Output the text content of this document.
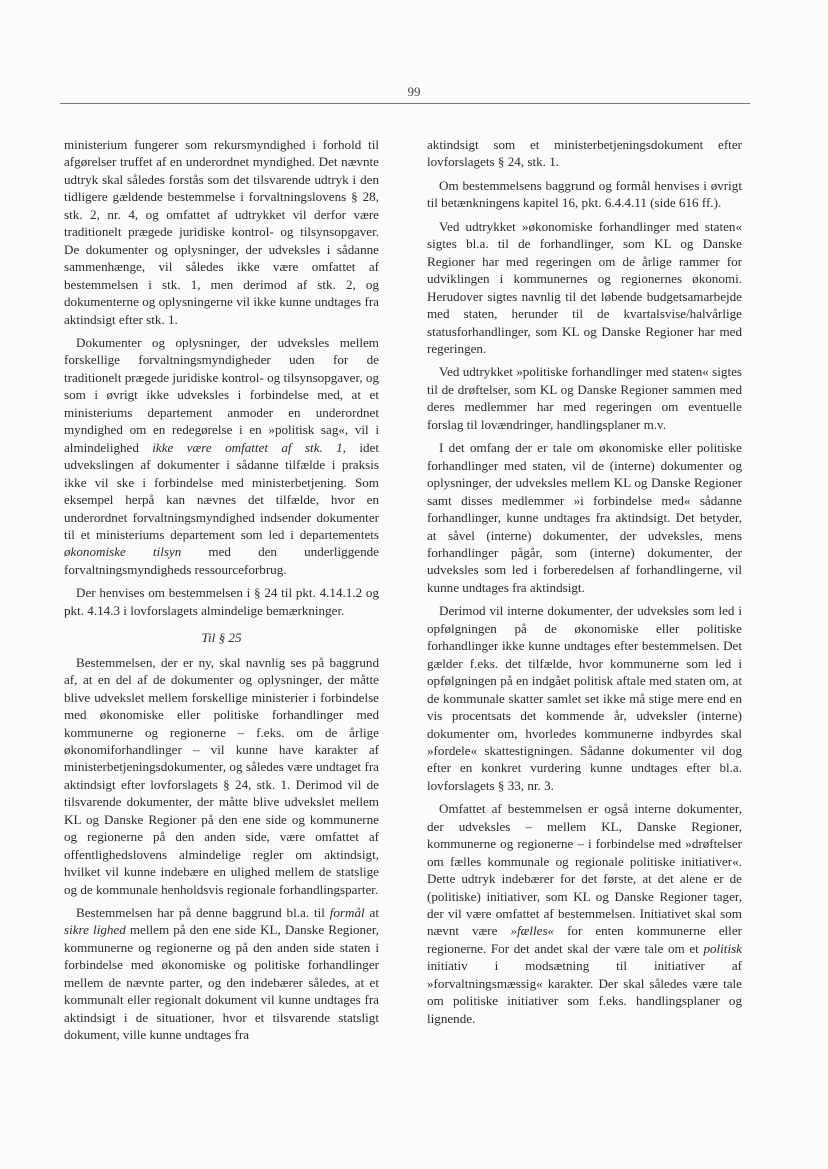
99

ministerium fungerer som rekursmyndighed i forhold til afgørelser truffet af en underordnet myndighed. Det nævnte udtryk skal således forstås som det tilsvarende udtryk i den tidligere gældende bestemmelse i forvaltningslovens § 28, stk. 2, nr. 4, og omfattet af udtrykket vil derfor være traditionelt prægede juridiske kontrol- og tilsynsopgaver. De dokumenter og oplysninger, der udveksles i sådanne sammenhænge, vil således ikke være omfattet af bestemmelsen i stk. 1, men derimod af stk. 2, og dokumenterne og oplysningerne vil ikke kunne undtages fra aktindsigt efter stk. 1.

Dokumenter og oplysninger, der udveksles mellem forskellige forvaltningsmyndigheder uden for de traditionelt prægede juridiske kontrol- og tilsynsopgaver, og som i øvrigt ikke udveksles i forbindelse med, at et ministeriums departement anmoder en underordnet myndighed om en redegørelse i en »politisk sag«, vil i almindelighed ikke være omfattet af stk. 1, idet udvekslingen af dokumenter i sådanne tilfælde i praksis ikke vil ske i forbindelse med ministerbetjening. Som eksempel herpå kan nævnes det tilfælde, hvor en underordnet forvaltningsmyndighed indsender dokumenter til et ministeriums departement som led i departementets økonomiske tilsyn med den underliggende forvaltningsmyndigheds ressourceforbrug.

Der henvises om bestemmelsen i § 24 til pkt. 4.14.1.2 og pkt. 4.14.3 i lovforslagets almindelige bemærkninger.

Til § 25

Bestemmelsen, der er ny, skal navnlig ses på baggrund af, at en del af de dokumenter og oplysninger, der måtte blive udvekslet mellem forskellige ministerier i forbindelse med økonomiske eller politiske forhandlinger med kommunerne og regionerne – f.eks. om de årlige økonomiforhandlinger – vil kunne have karakter af ministerbetjeningsdokumenter, og således være undtaget fra aktindsigt efter lovforslagets § 24, stk. 1. Derimod vil de tilsvarende dokumenter, der måtte blive udvekslet mellem KL og Danske Regioner på den ene side og kommunerne og regionerne på den anden side, være omfattet af offentlighedslovens almindelige regler om aktindsigt, hvilket vil kunne indebære en ulighed mellem de statslige og de kommunale henholdsvis regionale forhandlingsparter.

Bestemmelsen har på denne baggrund bl.a. til formål at sikre lighed mellem på den ene side KL, Danske Regioner, kommunerne og regionerne og på den anden side staten i forbindelse med økonomiske og politiske forhandlinger mellem de nævnte parter, og den indebærer således, at et kommunalt eller regionalt dokument vil kunne undtages fra aktindsigt i de situationer, hvor et tilsvarende statsligt dokument, ville kunne undtages fra

aktindsigt som et ministerbetjeningsdokument efter lovforslagets § 24, stk. 1.

Om bestemmelsens baggrund og formål henvises i øvrigt til betænkningens kapitel 16, pkt. 6.4.4.11 (side 616 ff.).

Ved udtrykket »økonomiske forhandlinger med staten« sigtes bl.a. til de forhandlinger, som KL og Danske Regioner har med regeringen om de årlige rammer for udviklingen i kommunernes og regionernes økonomi. Herudover sigtes navnlig til det løbende budgetsamarbejde med staten, herunder til de kvartalsvise/halvårlige statusforhandlinger, som KL og Danske Regioner har med regeringen.

Ved udtrykket »politiske forhandlinger med staten« sigtes til de drøftelser, som KL og Danske Regioner sammen med deres medlemmer har med regeringen om eventuelle forslag til lovændringer, handlingsplaner m.v.

I det omfang der er tale om økonomiske eller politiske forhandlinger med staten, vil de (interne) dokumenter og oplysninger, der udveksles mellem KL og Danske Regioner samt disses medlemmer »i forbindelse med« sådanne forhandlinger, kunne undtages fra aktindsigt. Det betyder, at såvel (interne) dokumenter, der udveksles, mens forhandlinger pågår, som (interne) dokumenter, der udveksles som led i forberedelsen af forhandlingerne, vil kunne undtages fra aktindsigt.

Derimod vil interne dokumenter, der udveksles som led i opfølgningen på de økonomiske eller politiske forhandlinger ikke kunne undtages efter bestemmelsen. Det gælder f.eks. det tilfælde, hvor kommunerne som led i opfølgningen på en indgået politisk aftale med staten om, at de kommunale skatter samlet set ikke må stige mere end en vis procentsats det kommende år, udveksler (interne) dokumenter om, hvorledes kommunerne indbyrdes skal »fordele« skattestigningen. Sådanne dokumenter vil dog efter en konkret vurdering kunne undtages efter bl.a. lovforslagets § 33, nr. 3.

Omfattet af bestemmelsen er også interne dokumenter, der udveksles – mellem KL, Danske Regioner, kommunerne og regionerne – i forbindelse med »drøftelser om fælles kommunale og regionale politiske initiativer«. Dette udtryk indebærer for det første, at det alene er de (politiske) initiativer, som KL og Danske Regioner tager, der vil være omfattet af bestemmelsen. Initiativet skal som nævnt være »fælles« for enten kommunerne eller regionerne. For det andet skal der være tale om et politisk initiativ i modsætning til initiativer af »forvaltningsmæssig« karakter. Der skal således være tale om politiske initiativer som f.eks. handlingsplaner og lignende.
